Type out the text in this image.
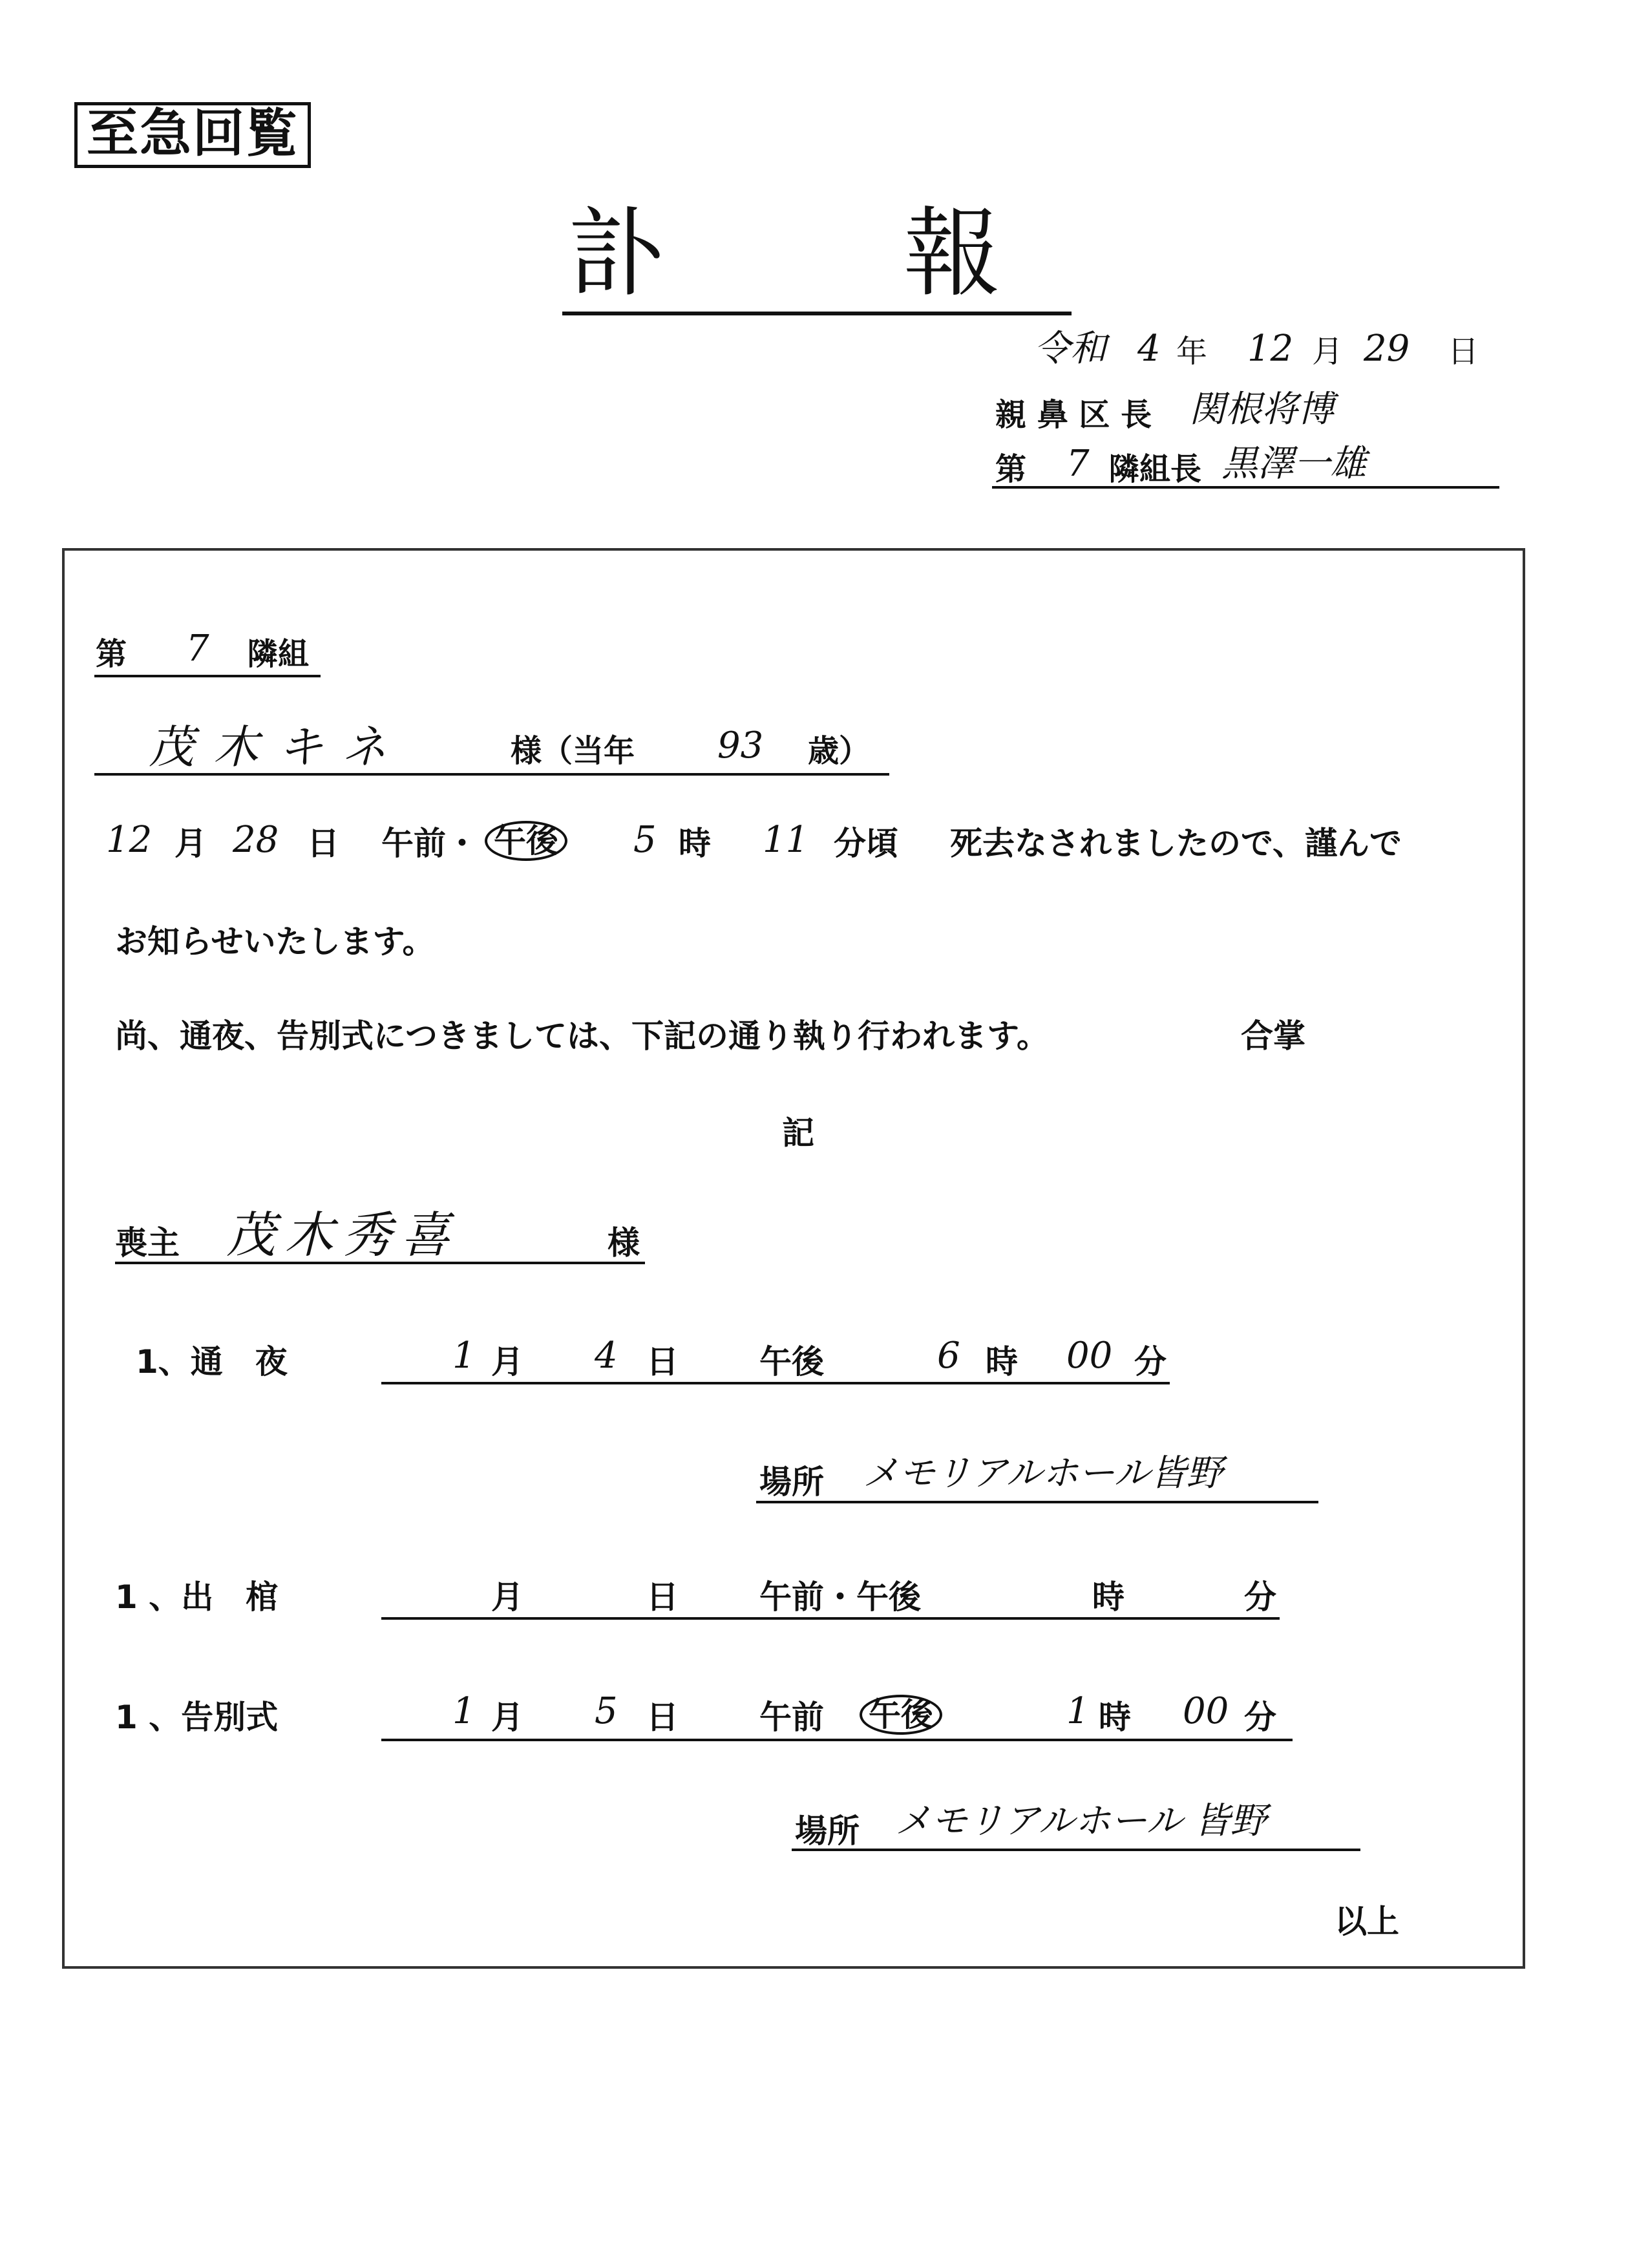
至急回覧
訃　報
令和 4 年 12 月 29 日
親 鼻 区 長 関根将博
第 7 隣組長 黒澤一雄
第 7 隣組
茂木キネ	様（当年 93 歳）
12 月 28 日 午前・ 午後 5 時 11 分頃 死去なされましたので、謹んで
お知らせいたします。
尚、通夜、告別式につきましては、下記の通り執り行われます。	合掌
記
喪主 茂木秀喜	様
1、通　夜	1 月 4 日	午後	6 時 00 分
場所 メモリアルホール皆野
1 、出　棺	月	日	午前・午後	時	分
1 、告別式	1 月 5 日	午前 午後	1 時 00 分
場所 メモリアルホール 皆野
以上
